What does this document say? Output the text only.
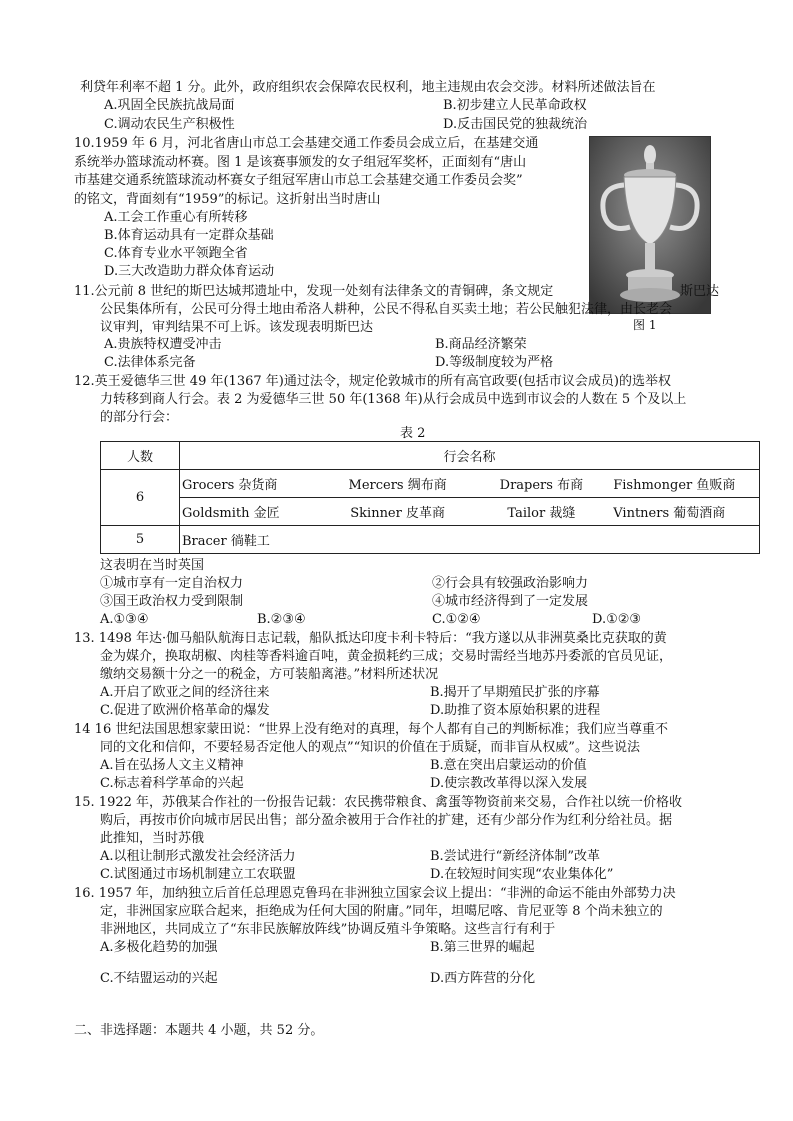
利贷年利率不超 1 分。此外，政府组织农会保障农民权利，地主违规由农会交涉。材料所述做法旨在
A.巩固全民族抗战局面	B.初步建立人民革命政权
C.调动农民生产积极性	D.反击国民党的独裁统治
10.1959 年 6 月，河北省唐山市总工会基建交通工作委员会成立后，在基建交通
系统举办篮球流动杯赛。图 1 是该赛事颁发的女子组冠军奖杯，正面刻有“唐山
市基建交通系统篮球流动杯赛女子组冠军唐山市总工会基建交通工作委员会奖”
的铭文，背面刻有“1959”的标记。这折射出当时唐山
A.工会工作重心有所转移
B.体育运动具有一定群众基础
C.体育专业水平领跑全省
D.三大改造助力群众体育运动
11.公元前 8 世纪的斯巴达城邦遗址中，发现一处刻有法律条文的青铜碑，条文规定	斯巴达
公民集体所有，公民可分得土地由希洛人耕种，公民不得私自买卖土地；若公民触犯法律，由长老会
议审判，审判结果不可上诉。该发现表明斯巴达	图 1
A.贵族特权遭受冲击	B.商品经济繁荣
C.法律体系完备	D.等级制度较为严格
12.英王爱德华三世 49 年(1367 年)通过法令，规定伦敦城市的所有高官政要(包括市议会成员)的选举权
力转移到商人行会。表 2 为爱德华三世 50 年(1368 年)从行会成员中选到市议会的人数在 5 个及以上
的部分行会：
表 2
人数	行会名称
6	Grocers 杂货商 Mercers 绸布商 Drapers 布商 Fishmonger 鱼贩商

	Goldsmith 金匠 Skinner 皮革商 Tailor 裁缝 Vintners 葡萄酒商

5	Bracer 徜鞋工
这表明在当时英国
①城市享有一定自治权力	②行会具有较强政治影响力
③国王政治权力受到限制	④城市经济得到了一定发展
A.①③④	B.②③④	C.①②④	D.①②③
13. 1498 年达·伽马船队航海日志记载，船队抵达印度卡利卡特后：“我方遂以从非洲莫桑比克获取的黄
金为媒介，换取胡椒、肉桂等香料逾百吨，黄金损耗约三成；交易时需经当地苏丹委派的官员见证，
缴纳交易额十分之一的税金，方可装船离港。”材料所述状况
A.开启了欧亚之间的经济往来	B.揭开了早期殖民扩张的序幕
C.促进了欧洲价格革命的爆发	D.助推了资本原始积累的进程
14 16 世纪法国思想家蒙田说：“世界上没有绝对的真理，每个人都有自己的判断标准；我们应当尊重不
同的文化和信仰，不要轻易否定他人的观点”“知识的价值在于质疑，而非盲从权威”。这些说法
A.旨在弘扬人文主义精神	B.意在突出启蒙运动的价值
C.标志着科学革命的兴起	D.使宗教改革得以深入发展
15. 1922 年，苏俄某合作社的一份报告记载：农民携带粮食、禽蛋等物资前来交易，合作社以统一价格收
购后，再按市价向城市居民出售；部分盈余被用于合作社的扩建，还有少部分作为红利分给社员。据
此推知，当时苏俄
A.以租让制形式激发社会经济活力	B.尝试进行“新经济体制”改革
C.试图通过市场机制建立工农联盟	D.在较短时间实现“农业集体化”
16. 1957 年，加纳独立后首任总理恩克鲁玛在非洲独立国家会议上提出：“非洲的命运不能由外部势力决
定，非洲国家应联合起来，拒绝成为任何大国的附庸。”同年，坦噶尼喀、肯尼亚等 8 个尚未独立的
非洲地区，共同成立了“东非民族解放阵线”协调反殖斗争策略。这些言行有利于
A.多极化趋势的加强	B.第三世界的崛起
C.不结盟运动的兴起	D.西方阵营的分化
二、非选择题：本题共 4 小题，共 52 分。
